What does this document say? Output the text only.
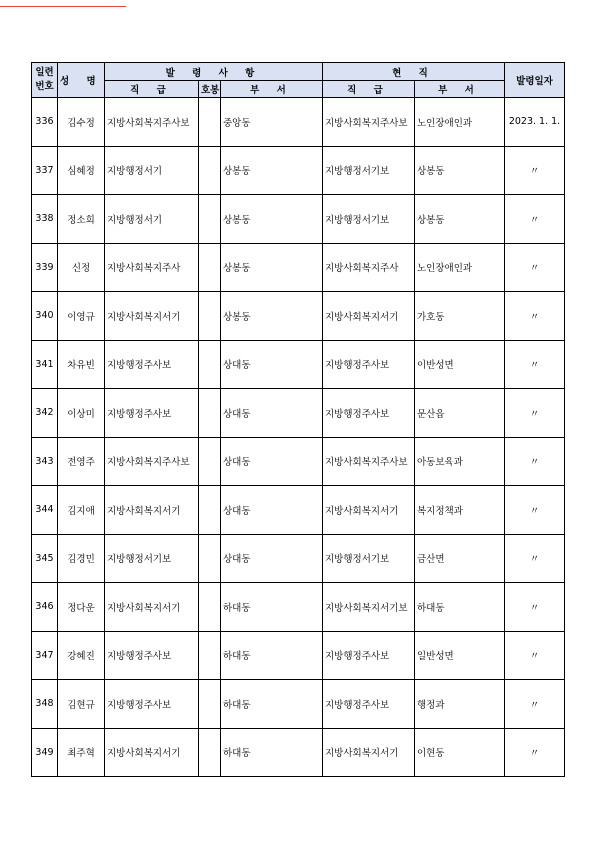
일련
번호	성 명	발 령 사 항			현 직		발령일자
		직 급	호봉	부 서	직 급	부 서	
336	김수정	지방사회복지주사보		중앙동	지방사회복지주사보	노인장애인과	2023. 1. 1.
337	심혜정	지방행정서기		상봉동	지방행정서기보	상봉동	〃
338	정소희	지방행정서기		상봉동	지방행정서기보	상봉동	〃
339	신정	지방사회복지주사		상봉동	지방사회복지주사	노인장애인과	〃
340	이영규	지방사회복지서기		상봉동	지방사회복지서기	가호동	〃
341	차유빈	지방행정주사보		상대동	지방행정주사보	이반성면	〃
342	이상미	지방행정주사보		상대동	지방행정주사보	문산읍	〃
343	전영주	지방사회복지주사보		상대동	지방사회복지주사보	아동보육과	〃
344	김지애	지방사회복지서기		상대동	지방사회복지서기	복지정책과	〃
345	김경민	지방행정서기보		상대동	지방행정서기보	금산면	〃
346	정다운	지방사회복지서기		하대동	지방사회복지서기보	하대동	〃
347	강혜진	지방행정주사보		하대동	지방행정주사보	일반성면	〃
348	김현규	지방행정주사보		하대동	지방행정주사보	행정과	〃
349	최주혁	지방사회복지서기		하대동	지방사회복지서기	이현동	〃
